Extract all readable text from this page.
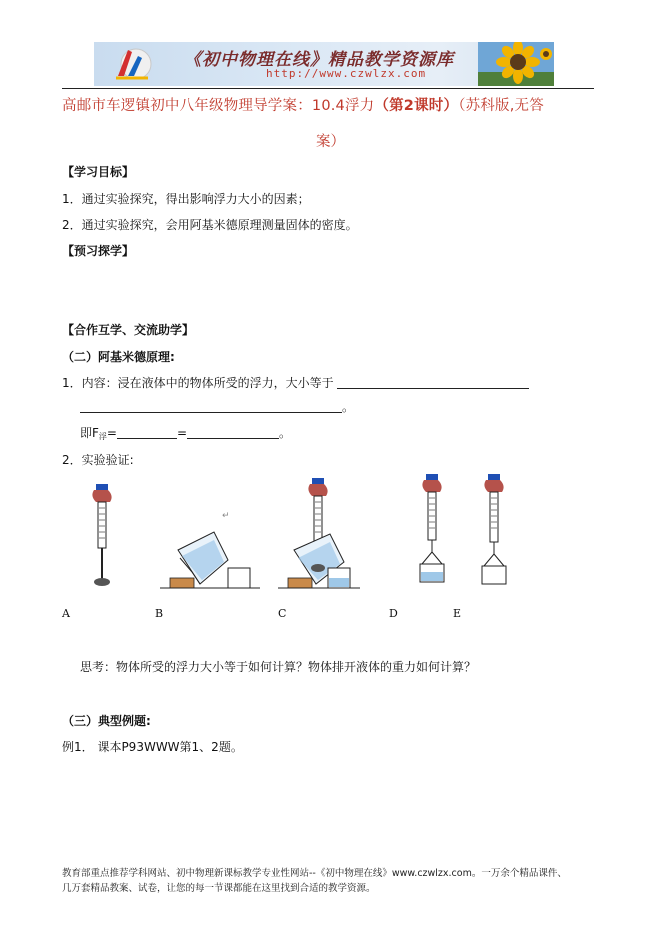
《初中物理在线》精品教学资源库
http://www.czwlzx.com
高邮市车逻镇初中八年级物理导学案：10.4浮力（第2课时）（苏科版,无答
案）
【学习目标】
1．通过实验探究，得出影响浮力大小的因素；
2．通过实验探究，会用阿基米德原理测量固体的密度。
【预习探学】
【合作互学、交流助学】
（二）阿基米德原理:
1．内容：浸在液体中的物体所受的浮力，大小等于
。
即$F_浮=$	=	。
2．实验验证:
↵
A	B	C	D	E
思考：物体所受的浮力大小等于如何计算？物体排开液体的重力如何计算？
（三）典型例题:
例1． 课本P93WWW第1、2题。
教育部重点推荐学科网站、初中物理新课标教学专业性网站--《初中物理在线》www.czwlzx.com。一万余个精品课件、
几万套精品教案、试卷，让您的每一节课都能在这里找到合适的教学资源。
